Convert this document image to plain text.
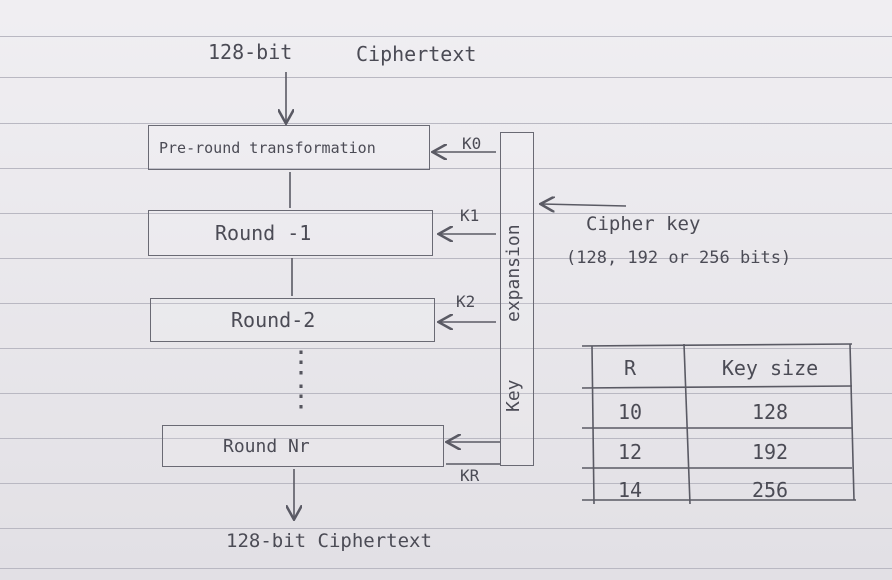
128-bit	Ciphertext
Pre-round transformation
Round -1
Round-2
⋮
⋮
Round Nr
K0
K1
K2
KR
Key
expansion
Cipher key
(128, 192 or 256 bits)
128-bit Ciphertext
R	Key size
10	128
12	192
14	256
